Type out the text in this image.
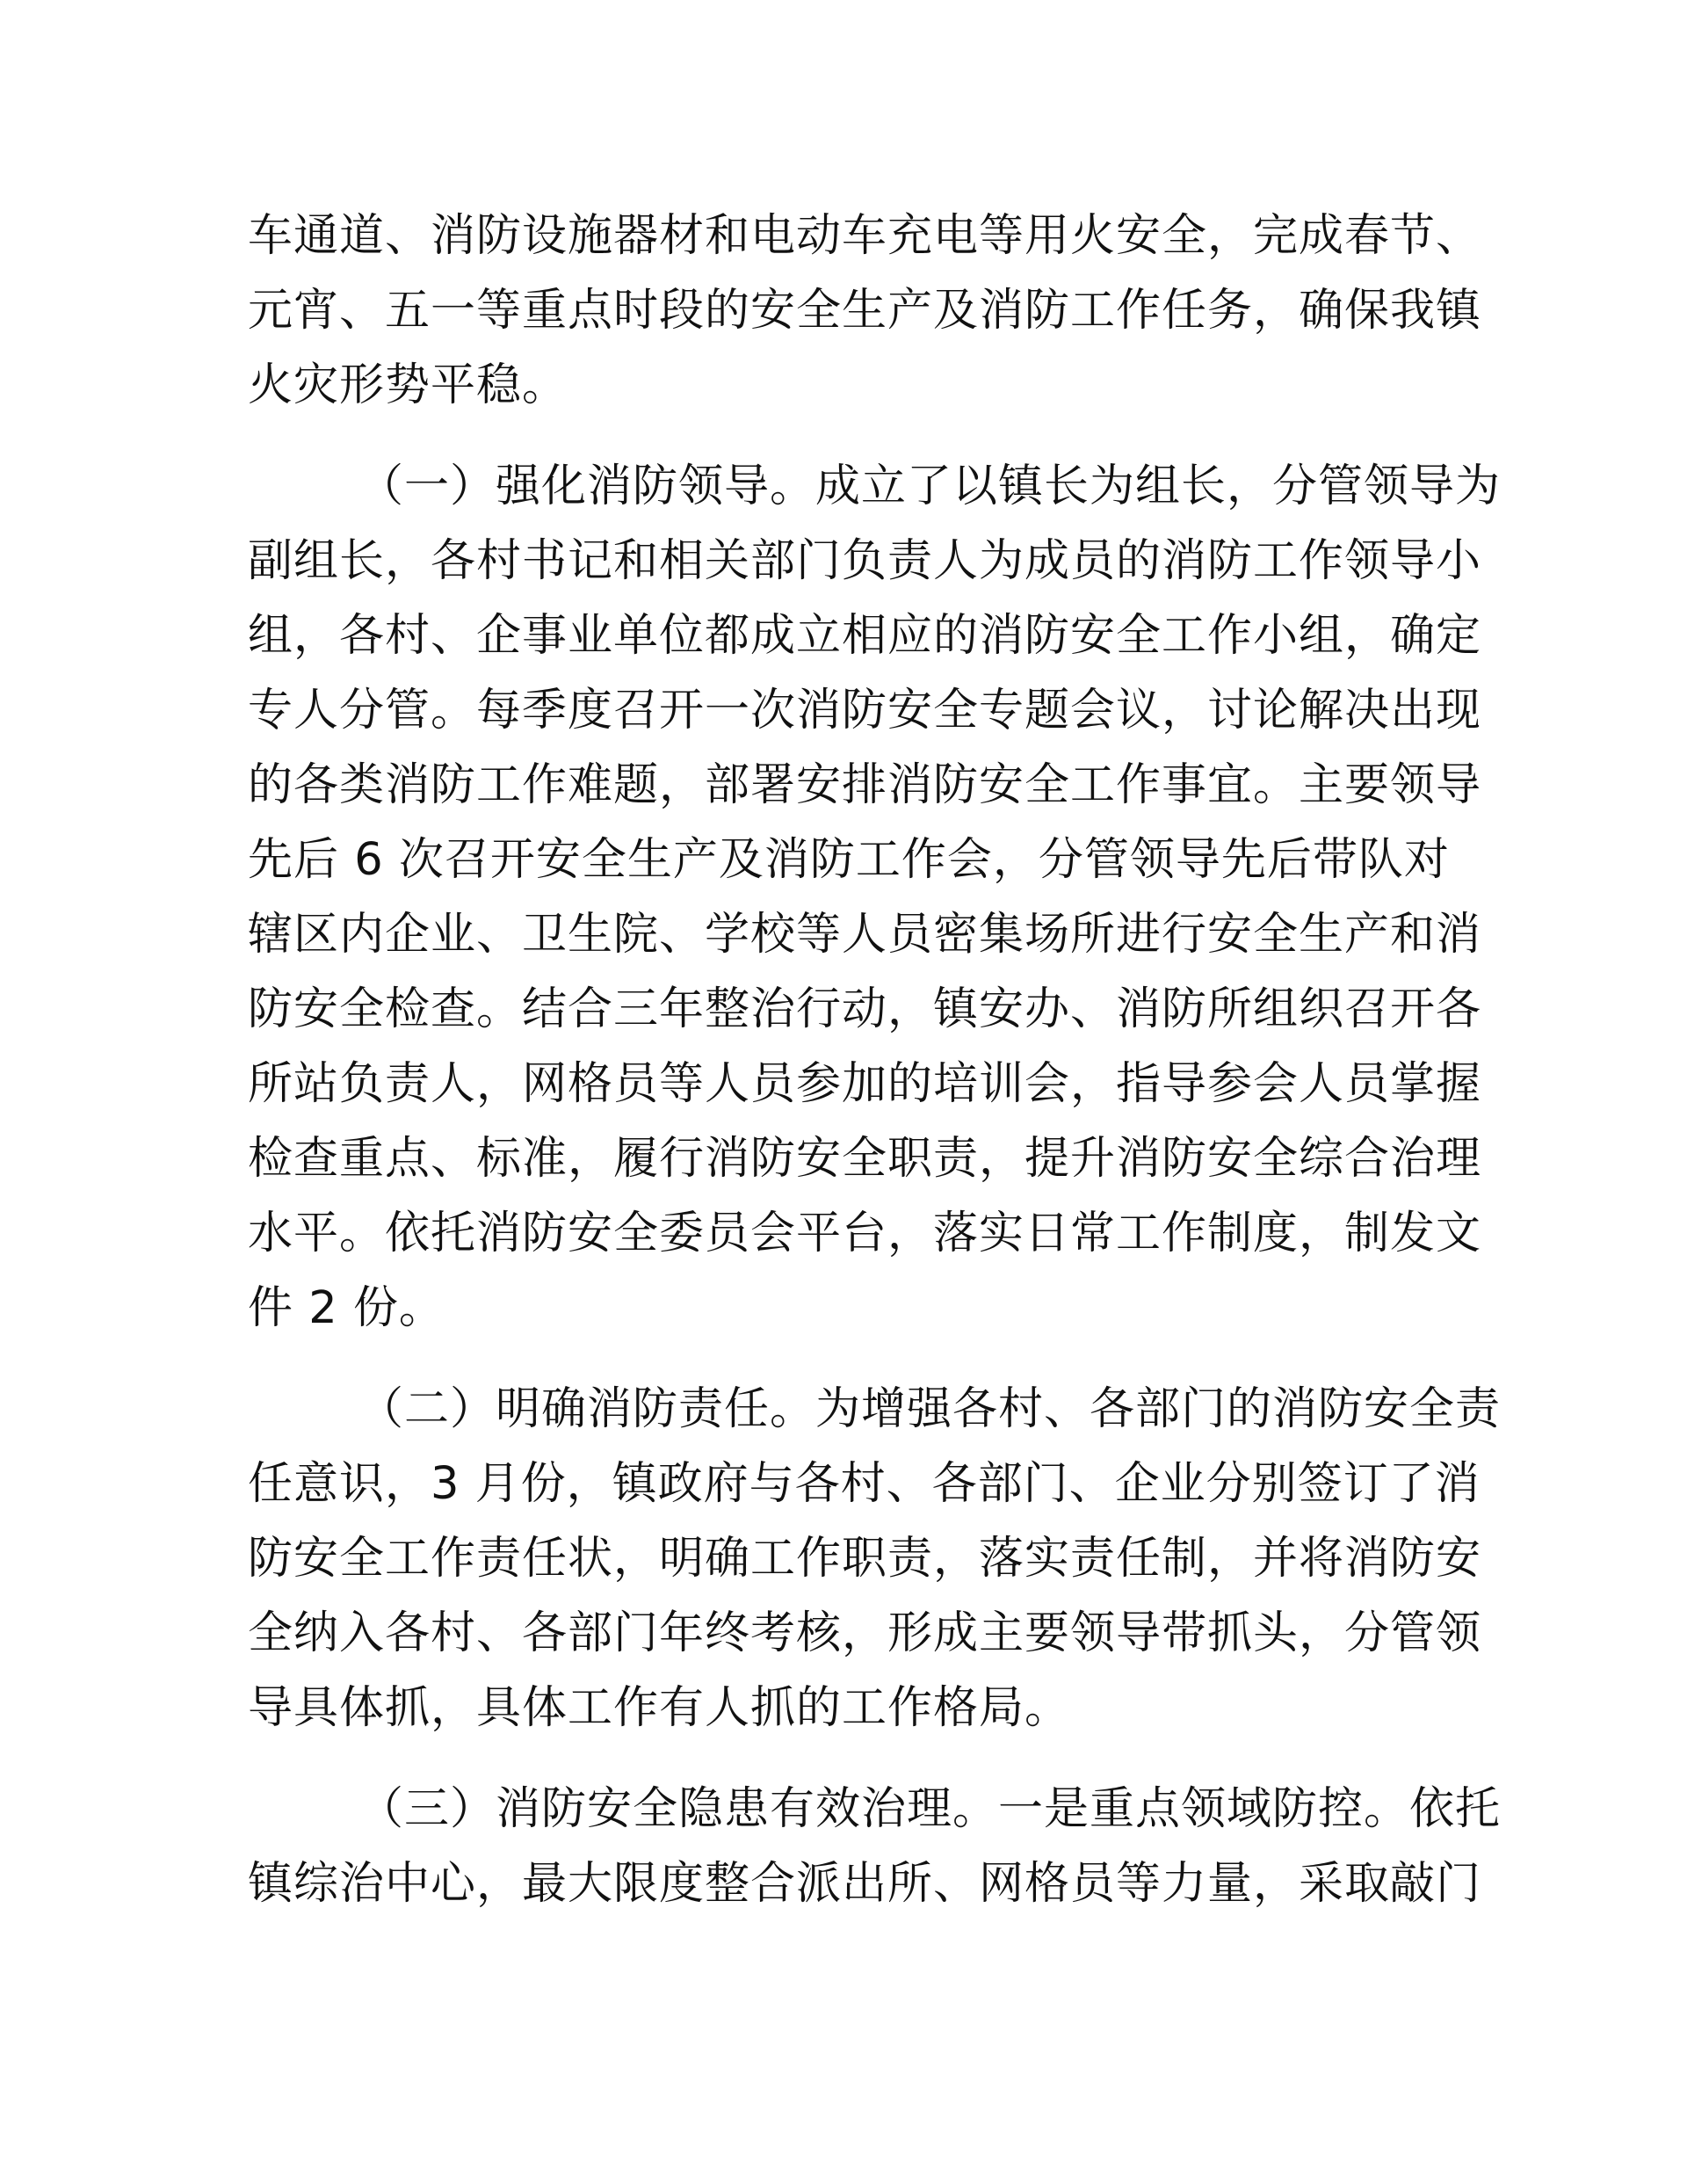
车通道、消防设施器材和电动车充电等用火安全，完成春节、
元宵、五一等重点时段的安全生产及消防工作任务，确保我镇
火灾形势平稳。
（一）强化消防领导。成立了以镇长为组长，分管领导为
副组长，各村书记和相关部门负责人为成员的消防工作领导小
组，各村、企事业单位都成立相应的消防安全工作小组，确定
专人分管。每季度召开一次消防安全专题会议，讨论解决出现
的各类消防工作难题，部署安排消防安全工作事宜。主要领导
先后 6 次召开安全生产及消防工作会，分管领导先后带队对
辖区内企业、卫生院、学校等人员密集场所进行安全生产和消
防安全检查。结合三年整治行动，镇安办、消防所组织召开各
所站负责人，网格员等人员参加的培训会，指导参会人员掌握
检查重点、标准，履行消防安全职责，提升消防安全综合治理
水平。依托消防安全委员会平台，落实日常工作制度，制发文
件 2 份。
（二）明确消防责任。为增强各村、各部门的消防安全责
任意识，3 月份，镇政府与各村、各部门、企业分别签订了消
防安全工作责任状，明确工作职责，落实责任制，并将消防安
全纳入各村、各部门年终考核，形成主要领导带抓头，分管领
导具体抓，具体工作有人抓的工作格局。
（三）消防安全隐患有效治理。一是重点领域防控。依托
镇综治中心，最大限度整合派出所、网格员等力量，采取敲门
